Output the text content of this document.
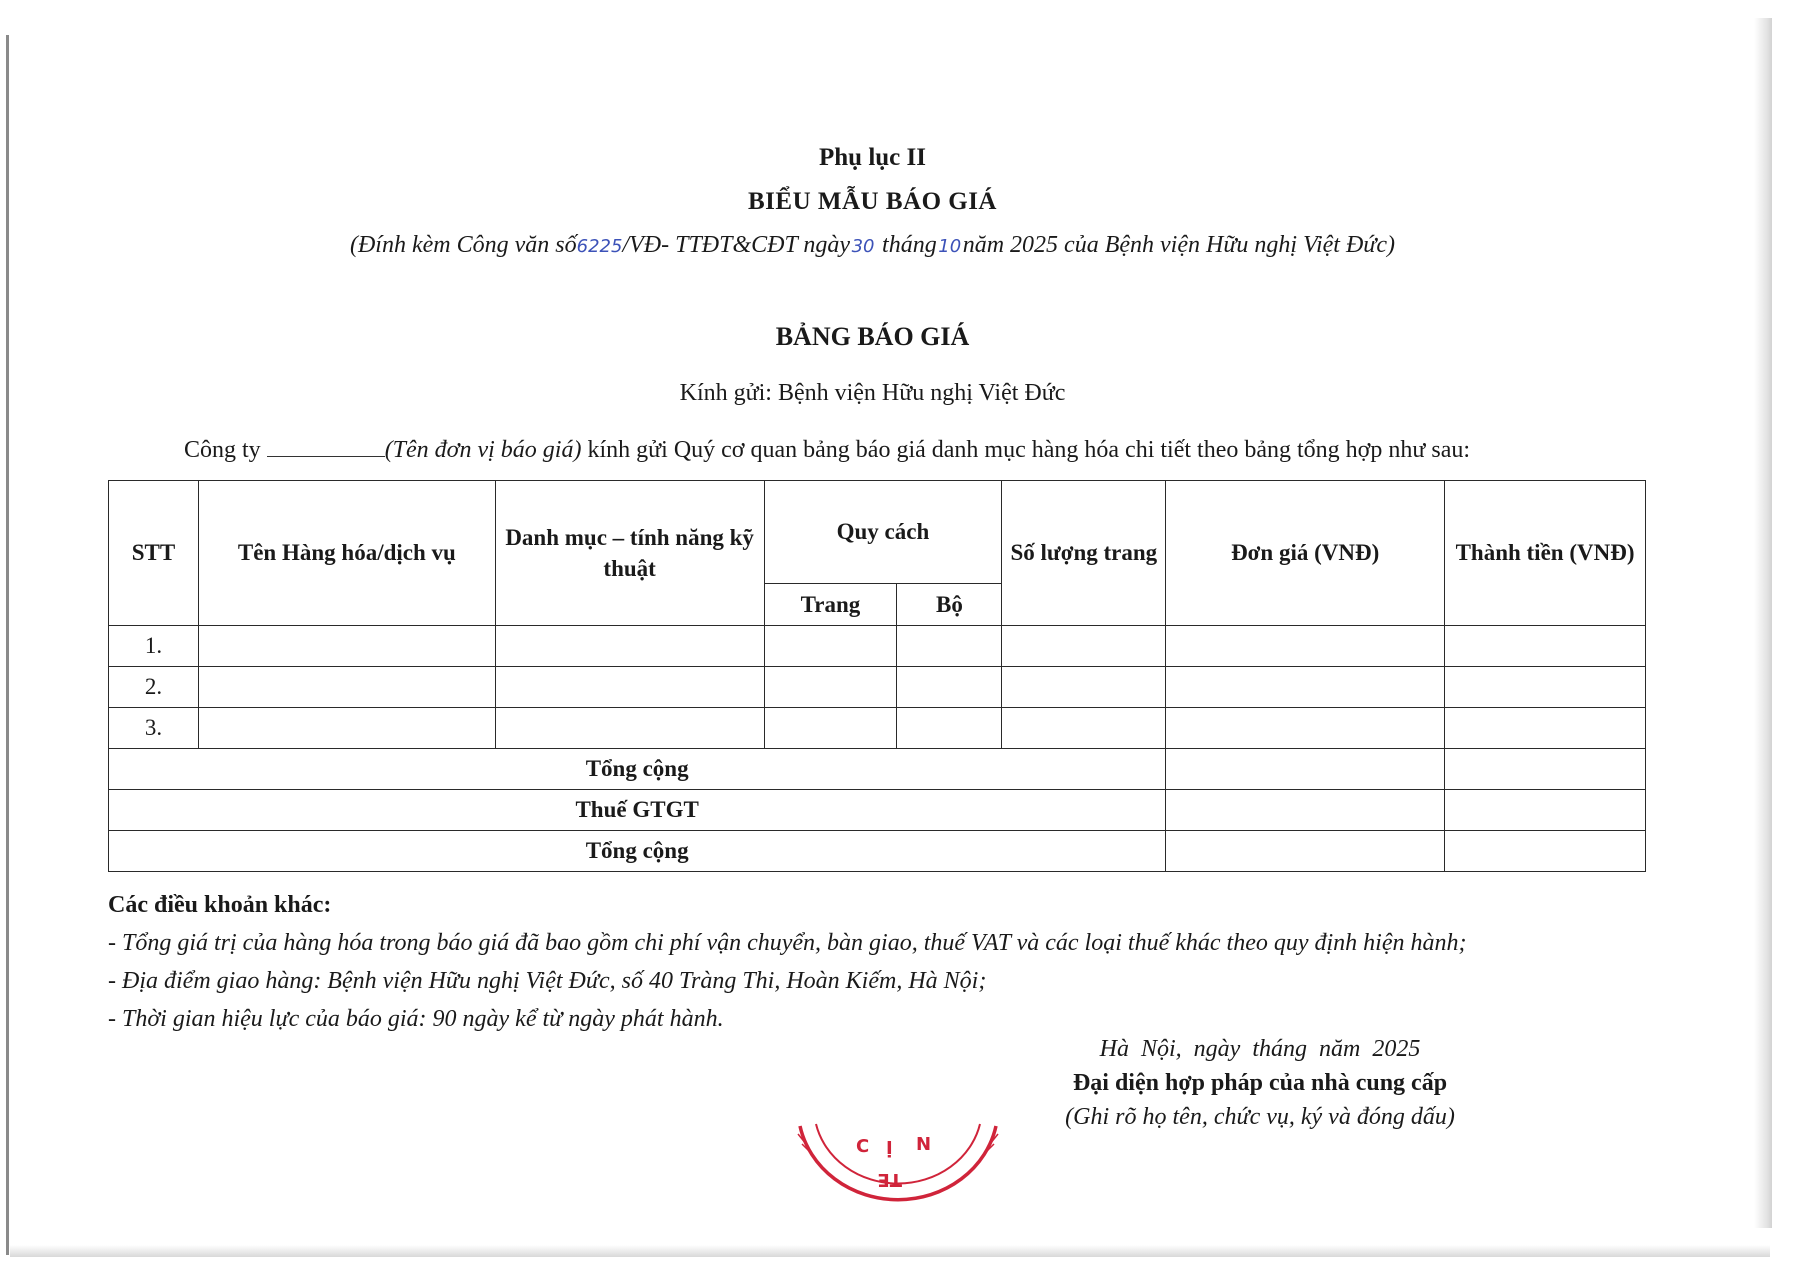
Phụ lục II
BIỂU MẪU BÁO GIÁ
(Đính kèm Công văn số6225/VĐ- TTĐT&CĐT ngày30 tháng10năm 2025 của Bệnh viện Hữu nghị Việt Đức)
BẢNG BÁO GIÁ
Kính gửi: Bệnh viện Hữu nghị Việt Đức
Công ty	(Tên đơn vị báo giá) kính gửi Quý cơ quan bảng báo giá danh mục hàng hóa chi tiết theo bảng tổng hợp như sau:
STT	Tên Hàng hóa/dịch vụ	Danh mục – tính năng kỹ thuật	Quy cách		Số lượng trang	Đơn giá (VNĐ)	Thành tiền (VNĐ)
			Trang	Bộ			
1.							
2.							
3.							
Tổng cộng							
Thuế GTGT							
Tổng cộng							
Các điều khoản khác:
- Tổng giá trị của hàng hóa trong báo giá đã bao gồm chi phí vận chuyển, bàn giao, thuế VAT và các loại thuế khác theo quy định hiện hành;
- Địa điểm giao hàng: Bệnh viện Hữu nghị Việt Đức, số 40 Tràng Thi, Hoàn Kiếm, Hà Nội;
- Thời gian hiệu lực của báo giá: 90 ngày kể từ ngày phát hành.
Hà Nội, ngày tháng năm 2025
Đại diện hợp pháp của nhà cung cấp
(Ghi rõ họ tên, chức vụ, ký và đóng dấu)
C Ị N
TE
